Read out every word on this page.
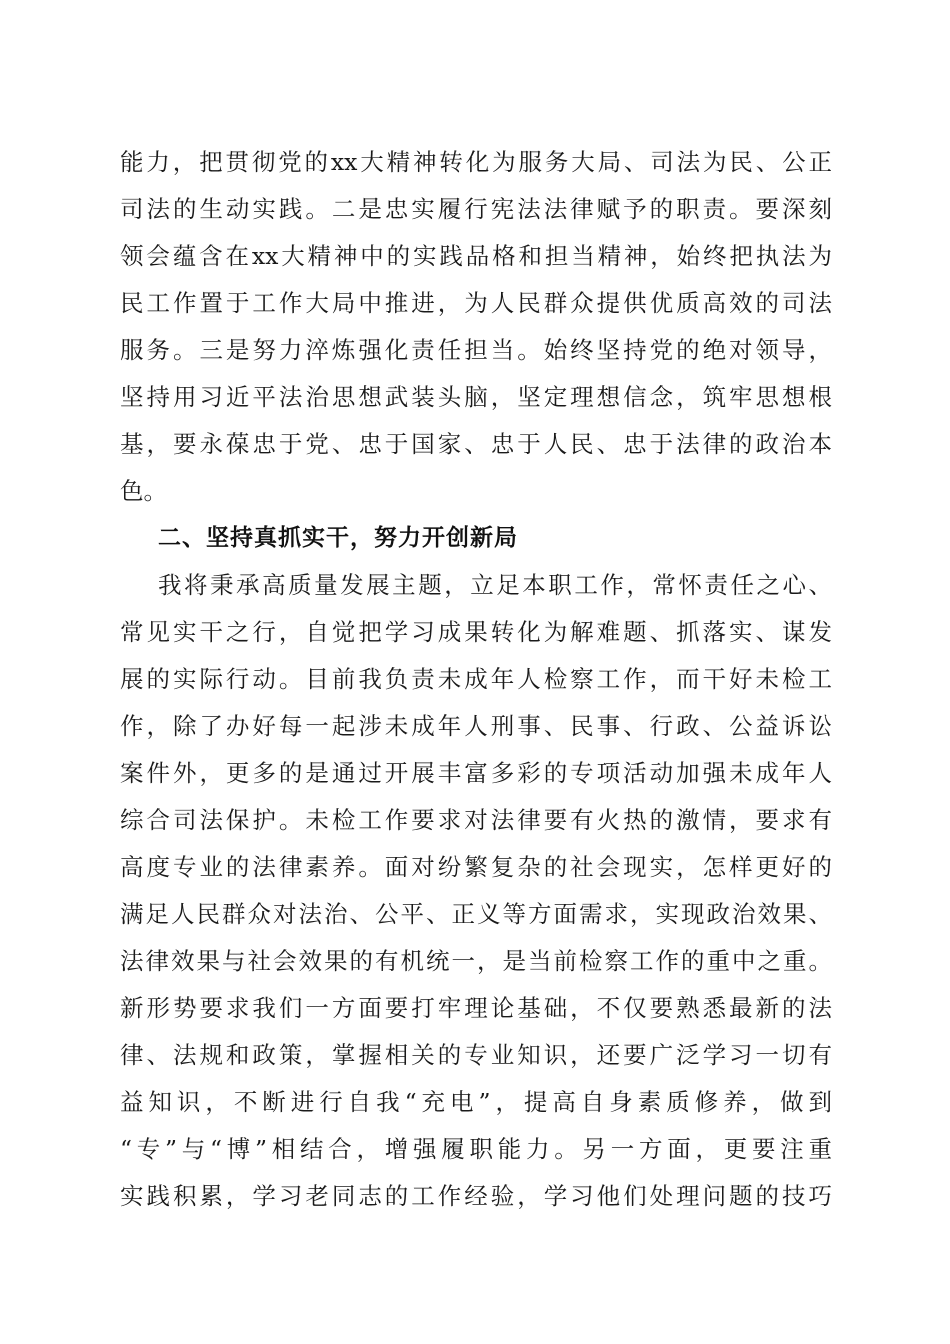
能力，把贯彻党的xx大精神转化为服务大局、司法为民、公正
司法的生动实践。二是忠实履行宪法法律赋予的职责。要深刻
领会蕴含在xx大精神中的实践品格和担当精神，始终把执法为
民工作置于工作大局中推进，为人民群众提供优质高效的司法
服务。三是努力淬炼强化责任担当。始终坚持党的绝对领导，
坚持用习近平法治思想武装头脑，坚定理想信念，筑牢思想根
基，要永葆忠于党、忠于国家、忠于人民、忠于法律的政治本
色。
二、坚持真抓实干，努力开创新局
我将秉承高质量发展主题，立足本职工作，常怀责任之心、
常见实干之行，自觉把学习成果转化为解难题、抓落实、谋发
展的实际行动。目前我负责未成年人检察工作，而干好未检工
作，除了办好每一起涉未成年人刑事、民事、行政、公益诉讼
案件外，更多的是通过开展丰富多彩的专项活动加强未成年人
综合司法保护。未检工作要求对法律要有火热的激情，要求有
高度专业的法律素养。面对纷繁复杂的社会现实，怎样更好的
满足人民群众对法治、公平、正义等方面需求，实现政治效果、
法律效果与社会效果的有机统一，是当前检察工作的重中之重。
新形势要求我们一方面要打牢理论基础，不仅要熟悉最新的法
律、法规和政策，掌握相关的专业知识，还要广泛学习一切有
益知识，不断进行自我“充电”，提高自身素质修养，做到
“专”与“博”相结合，增强履职能力。另一方面，更要注重
实践积累，学习老同志的工作经验，学习他们处理问题的技巧
